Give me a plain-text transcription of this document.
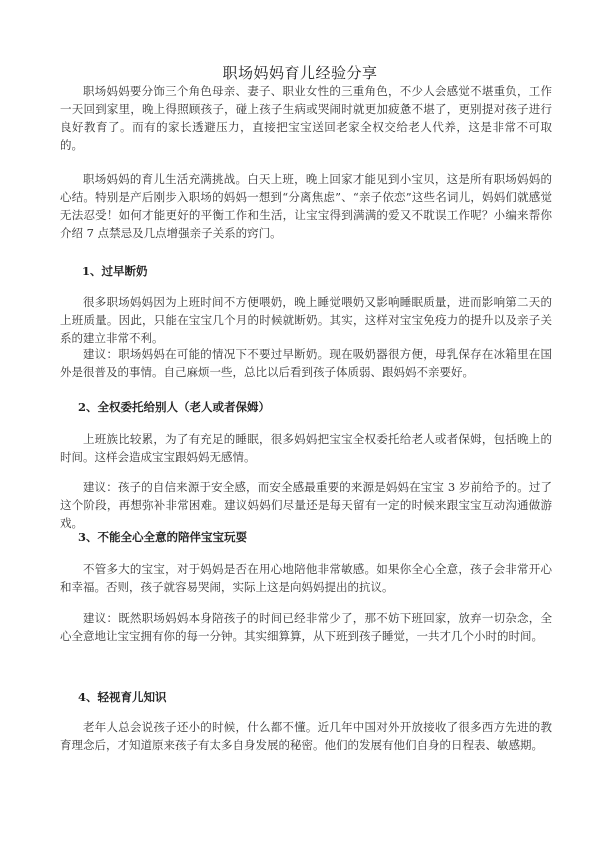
职场妈妈育儿经验分享

职场妈妈要分饰三个角色母亲、妻子、职业女性的三重角色，不少人会感觉不堪重负，工作一天回到家里，晚上得照顾孩子，碰上孩子生病或哭闹时就更加疲惫不堪了，更别提对孩子进行良好教育了。而有的家长透避压力，直接把宝宝送回老家全权交给老人代养，这是非常不可取的。

职场妈妈的育儿生活充满挑战。白天上班，晚上回家才能见到小宝贝，这是所有职场妈妈的心结。特别是产后刚步入职场的妈妈一想到“分离焦虑”、“亲子依恋”这些名词儿，妈妈们就感觉无法忍受！如何才能更好的平衡工作和生活，让宝宝得到满满的爱又不耽误工作呢？小编来帮你介绍 7 点禁忌及几点增强亲子关系的窍门。

1、过早断奶

很多职场妈妈因为上班时间不方便喂奶，晚上睡觉喂奶又影响睡眠质量，进而影响第二天的上班质量。因此，只能在宝宝几个月的时候就断奶。其实，这样对宝宝免疫力的提升以及亲子关系的建立非常不利。

建议：职场妈妈在可能的情况下不要过早断奶。现在吸奶器很方便，母乳保存在冰箱里在国外是很普及的事情。自己麻烦一些，总比以后看到孩子体质弱、跟妈妈不亲要好。

2、全权委托给别人（老人或者保姆）

上班族比较累，为了有充足的睡眠，很多妈妈把宝宝全权委托给老人或者保姆，包括晚上的时间。这样会造成宝宝跟妈妈无感情。

建议：孩子的自信来源于安全感，而安全感最重要的来源是妈妈在宝宝 3 岁前给予的。过了这个阶段，再想弥补非常困难。建议妈妈们尽量还是每天留有一定的时候来跟宝宝互动沟通做游戏。

3、不能全心全意的陪伴宝宝玩耍

不管多大的宝宝，对于妈妈是否在用心地陪他非常敏感。如果你全心全意，孩子会非常开心和幸福。否则，孩子就容易哭闹，实际上这是向妈妈提出的抗议。

建议：既然职场妈妈本身陪孩子的时间已经非常少了，那不妨下班回家，放弃一切杂念，全心全意地让宝宝拥有你的每一分钟。其实细算算，从下班到孩子睡觉，一共才几个小时的时间。

4、轻视育儿知识

老年人总会说孩子还小的时候，什么都不懂。近几年中国对外开放接收了很多西方先进的教育理念后，才知道原来孩子有太多自身发展的秘密。他们的发展有他们自身的日程表、敏感期。
